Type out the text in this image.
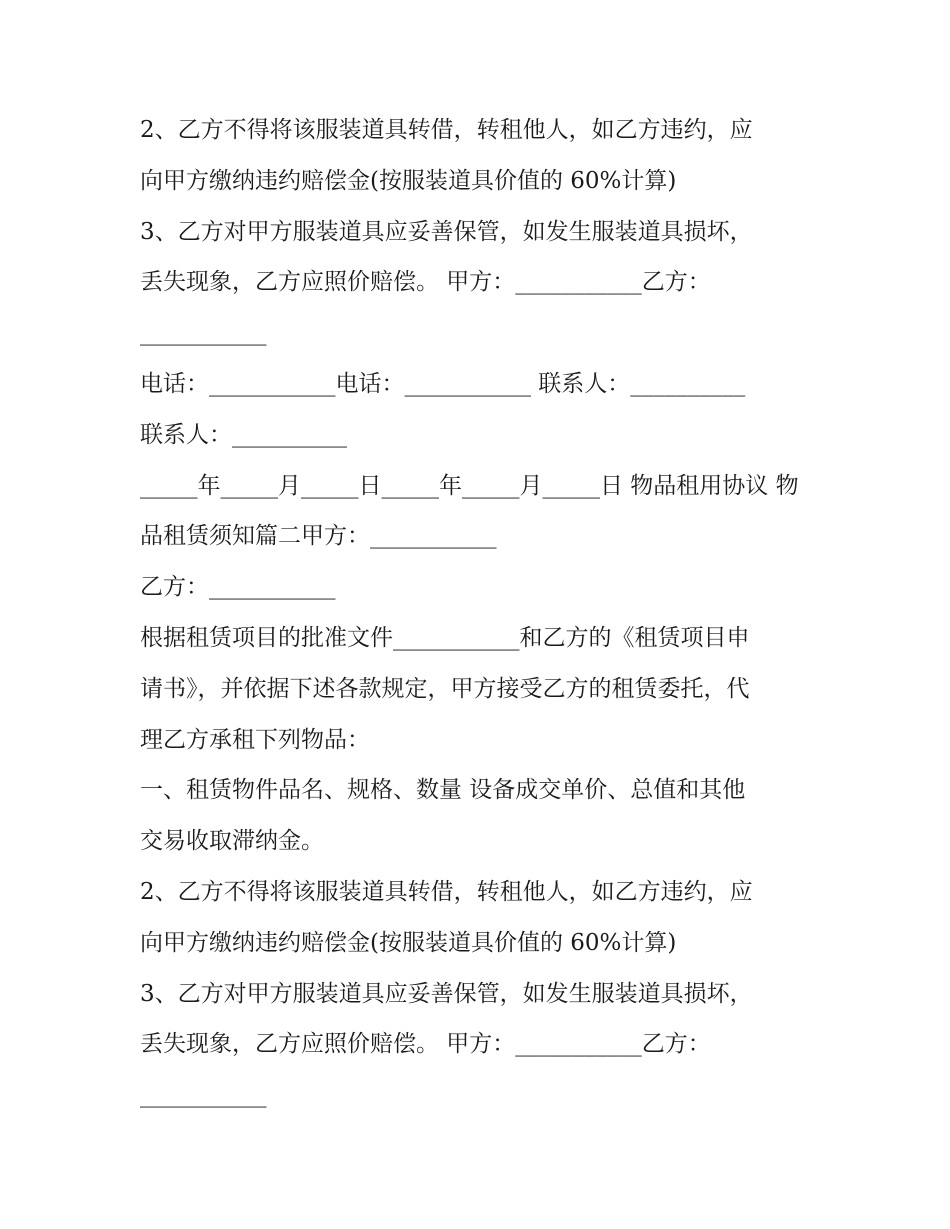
2、乙方不得将该服装道具转借，转租他人，如乙方违约，应
向甲方缴纳违约赔偿金(按服装道具价值的 60%计算)
3、乙方对甲方服装道具应妥善保管，如发生服装道具损坏，
丢失现象，乙方应照价赔偿。 甲方：___________乙方：
___________
电话：___________电话：___________ 联系人：__________
联系人：__________
_____年_____月_____日_____年_____月_____日 物品租用协议 物
品租赁须知篇二甲方：___________
乙方：___________
根据租赁项目的批准文件___________和乙方的《租赁项目申
请书》，并依据下述各款规定，甲方接受乙方的租赁委托，代
理乙方承租下列物品：
一、租赁物件品名、规格、数量 设备成交单价、总值和其他
交易收取滞纳金。
2、乙方不得将该服装道具转借，转租他人，如乙方违约，应
向甲方缴纳违约赔偿金(按服装道具价值的 60%计算)
3、乙方对甲方服装道具应妥善保管，如发生服装道具损坏，
丢失现象，乙方应照价赔偿。 甲方：___________乙方：
___________
